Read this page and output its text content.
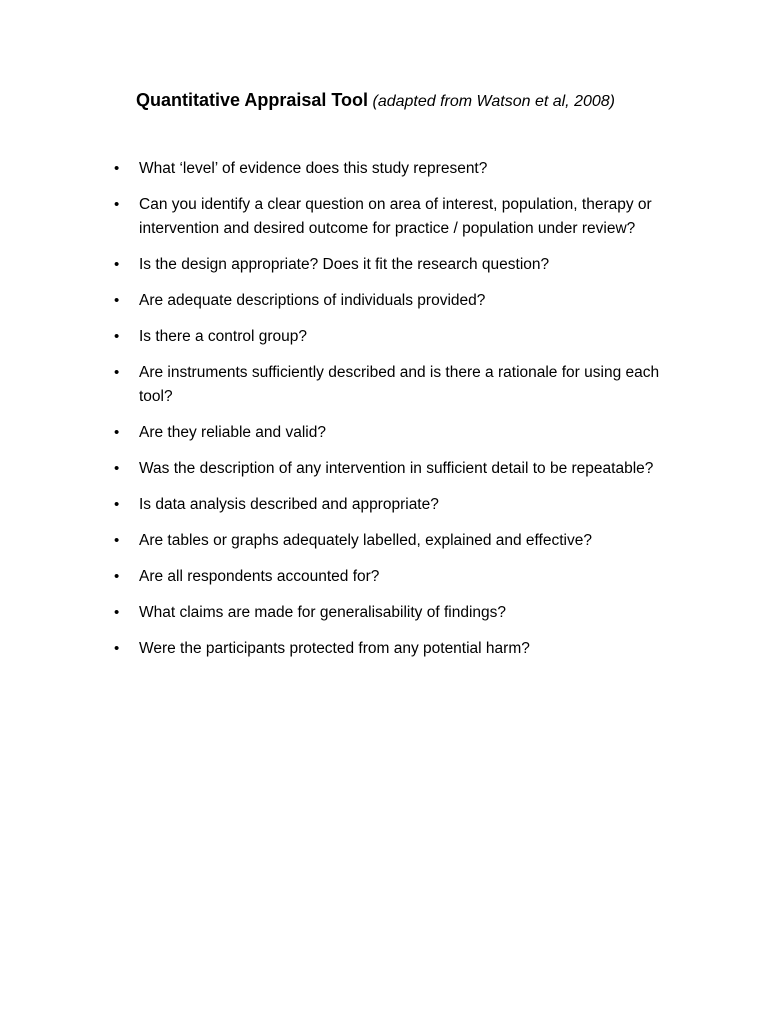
Quantitative Appraisal Tool (adapted from Watson et al, 2008)
•	What ‘level’ of evidence does this study represent?
•	Can you identify a clear question on area of interest, population, therapy or intervention and desired outcome for practice / population under review?
•	Is the design appropriate? Does it fit the research question?
•	Are adequate descriptions of individuals provided?
•	Is there a control group?
•	Are instruments sufficiently described and is there a rationale for using each tool?
•	Are they reliable and valid?
•	Was the description of any intervention in sufficient detail to be repeatable?
•	Is data analysis described and appropriate?
•	Are tables or graphs adequately labelled, explained and effective?
•	Are all respondents accounted for?
•	What claims are made for generalisability of findings?
•	Were the participants protected from any potential harm?
